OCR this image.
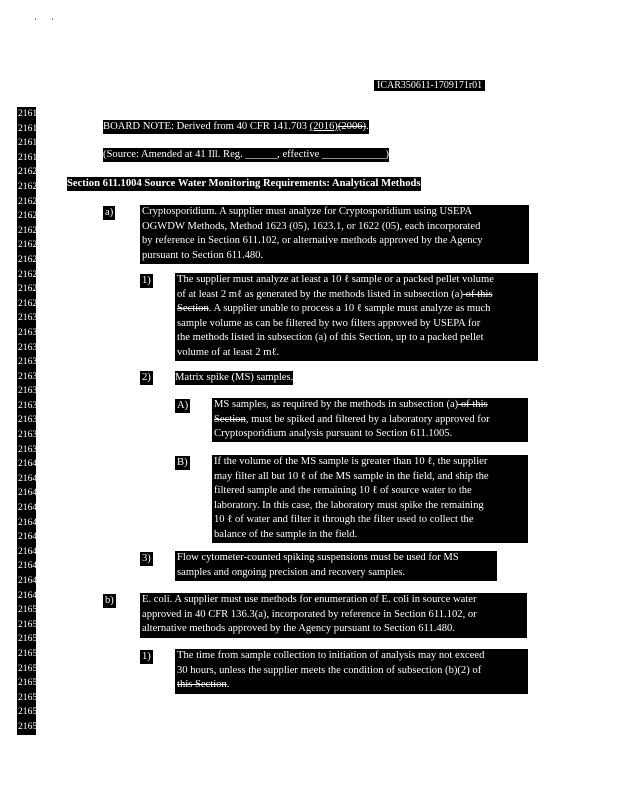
··
ICAR350611-1709171r01
21616
21617
21618
21619
21620
21621
21622
21623
21624
21625
21626
21627
21628
21629
21630
21631
21632
21633
21634
21635
21636
21637
21638
21639
21640
21641
21642
21643
21644
21645
21646
21647
21648
21649
21650
21651
21652
21653
21654
21655
21656
21657
21658
BOARD NOTE: Derived from 40 CFR 141.703 (2016)(2006).
(Source: Amended at 41 Ill. Reg. ______, effective ____________)
Section 611.1004 Source Water Monitoring Requirements: Analytical Methods
a)	Cryptosporidium. A supplier must analyze for Cryptosporidium using USEPA
OGWDW Methods, Method 1623 (05), 1623.1, or 1622 (05), each incorporated
by reference in Section 611.102, or alternative methods approved by the Agency
pursuant to Section 611.480.
1) The supplier must analyze at least a 10 ℓ sample or a packed pellet volume
of at least 2 mℓ as generated by the methods listed in subsection (a) of this
Section. A supplier unable to process a 10 ℓ sample must analyze as much
sample volume as can be filtered by two filters approved by USEPA for
the methods listed in subsection (a) of this Section, up to a packed pellet
volume of at least 2 mℓ.
2) Matrix spike (MS) samples.
A) MS samples, as required by the methods in subsection (a) of this
Section, must be spiked and filtered by a laboratory approved for
Cryptosporidium analysis pursuant to Section 611.1005.
B) If the volume of the MS sample is greater than 10 ℓ, the supplier
may filter all but 10 ℓ of the MS sample in the field, and ship the
filtered sample and the remaining 10 ℓ of source water to the
laboratory. In this case, the laboratory must spike the remaining
10 ℓ of water and filter it through the filter used to collect the
balance of the sample in the field.
3) Flow cytometer-counted spiking suspensions must be used for MS
samples and ongoing precision and recovery samples.
b)	E. coli. A supplier must use methods for enumeration of E. coli in source water
approved in 40 CFR 136.3(a), incorporated by reference in Section 611.102, or
alternative methods approved by the Agency pursuant to Section 611.480.
1) The time from sample collection to initiation of analysis may not exceed
30 hours, unless the supplier meets the condition of subsection (b)(2) of
this Section.
